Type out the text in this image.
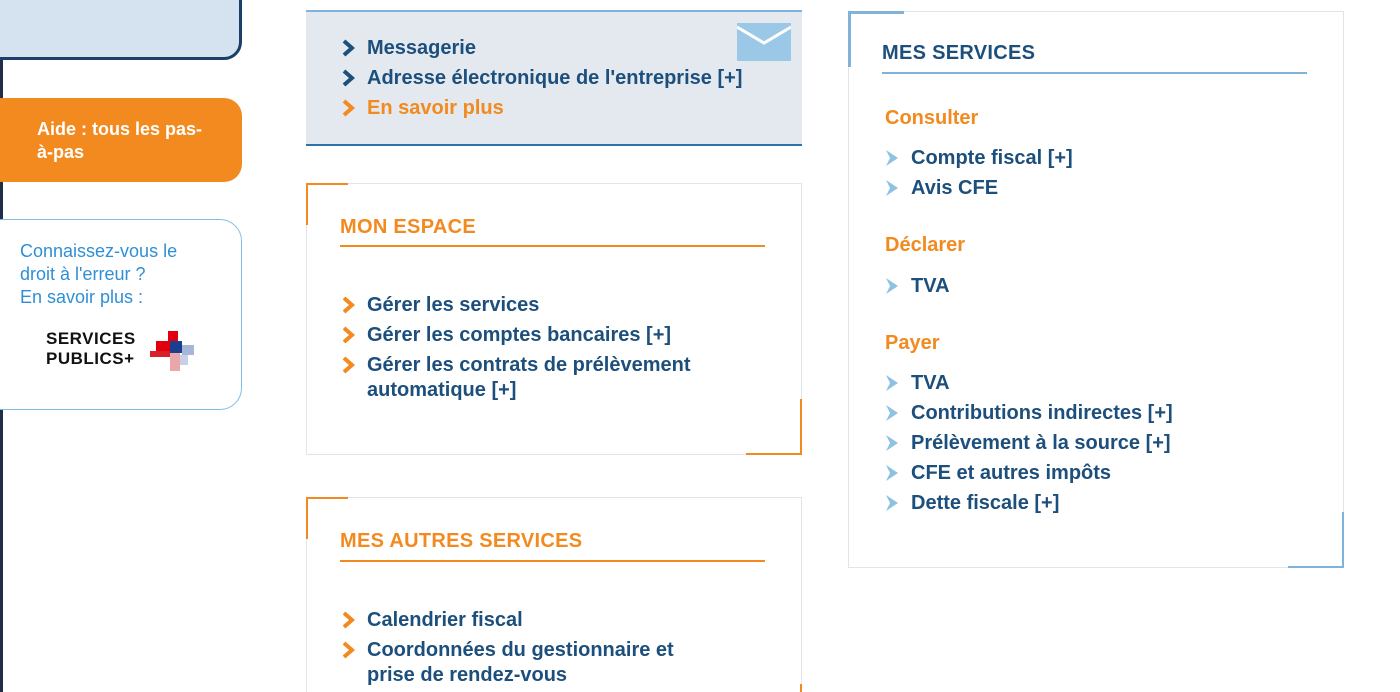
Aide : tous les pas-à-pas
Connaissez-vous le
droit à l'erreur ?
En savoir plus :
SERVICES
PUBLICS+
Messagerie
Adresse électronique de l'entreprise [+]
En savoir plus
MON ESPACE
Gérer les services
Gérer les comptes bancaires [+]
Gérer les contrats de prélèvement automatique [+]
MES AUTRES SERVICES
Calendrier fiscal
Coordonnées du gestionnaire et prise de rendez-vous
MES SERVICES
Consulter
Compte fiscal [+]
Avis CFE
Déclarer
TVA
Payer
TVA
Contributions indirectes [+]
Prélèvement à la source [+]
CFE et autres impôts
Dette fiscale [+]
